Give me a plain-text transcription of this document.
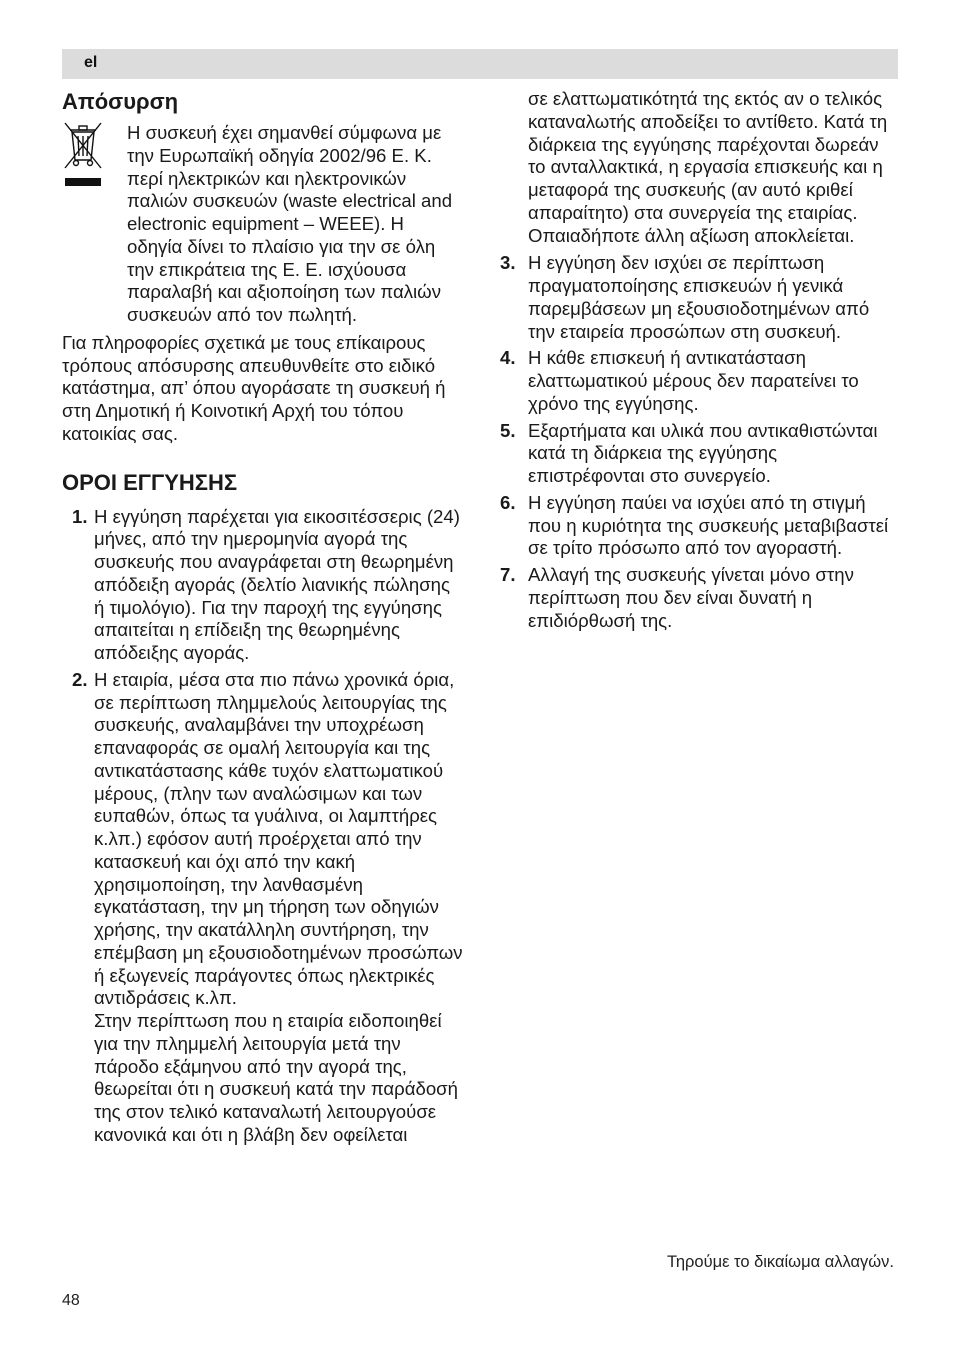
el
Απόσυρση

Η συσκευή έχει σημανθεί σύμφωνα με την Ευρωπαϊκή οδηγία 2002/96 Ε. Κ. περί ηλεκτρικών και ηλεκτρονικών παλιών συσκευών (waste electrical and electronic equipment – WEEE). Η οδηγία δίνει το πλαίσιο για την σε όλη την επικράτεια της Ε. Ε. ισχύουσα παραλαβή και αξιοποίηση των παλιών συσκευών από τον πωλητή.

Για πληροφορίες σχετικά με τους επίκαιρους τρόπους απόσυρσης απευθυνθείτε στο ειδικό κατάστημα, απ’ όπου αγοράσατε τη συσκευή ή στη Δημοτική ή Κοινοτική Αρχή του τόπου κατοικίας σας.

ΟΡΟΙ ΕΓΓΥΗΣΗΣ
1. Η εγγύηση παρέχεται για εικοσιτέσσερις (24) μήνες, από την ημερομηνία αγορά της συσκευής που αναγράφεται στη θεωρημένη απόδειξη αγοράς (δελτίο λιανικής πώλησης ή τιμολόγιο). Για την παροχή της εγγύησης απαιτείται η επίδειξη της θεωρημένης απόδειξης αγοράς.

2. Η εταιρία, μέσα στα πιο πάνω χρονικά όρια, σε περίπτωση πλημμελούς λειτουργίας της συσκευής, αναλαμβάνει την υποχρέωση επαναφοράς σε ομαλή λειτουργία και της αντικατάστασης κάθε τυχόν ελαττωματικού μέρους, (πλην των αναλώσιμων και των ευπαθών, όπως τα γυάλινα, οι λαμπτήρες κ.λπ.) εφόσον αυτή προέρχεται από την κατασκευή και όχι από την κακή χρησιμοποίηση, την λανθασμένη εγκατάσταση, την μη τήρηση των οδηγιών χρήσης, την ακατάλληλη συντήρηση, την επέμβαση μη εξουσιοδοτημένων προσώπων ή εξωγενείς παράγοντες όπως ηλεκτρικές αντιδράσεις κ.λπ.

Στην περίπτωση που η εταιρία ειδοποιηθεί για την πλημμελή λειτουργία μετά την πάροδο εξάμηνου από την αγορά της, θεωρείται ότι η συσκευή κατά την παράδοσή της στον τελικό καταναλωτή λειτουργούσε κανονικά και ότι η βλάβη δεν οφείλεται

σε ελαττωματικότητά της εκτός αν ο τελικός καταναλωτής αποδείξει το αντίθετο. Κατά τη διάρκεια της εγγύησης παρέχονται δωρεάν το ανταλλακτικά, η εργασία επισκευής και η μεταφορά της συσκευής (αν αυτό κριθεί απαραίτητο) στα συνεργεία της εταιρίας. Οπαιαδήποτε άλλη αξίωση αποκλείεται.

3. Η εγγύηση δεν ισχύει σε περίπτωση πραγματοποίησης επισκευών ή γενικά παρεμβάσεων μη εξουσιοδοτημένων από την εταιρεία προσώπων στη συσκευή.

4. Η κάθε επισκευή ή αντικατάσταση ελαττωματικού μέρους δεν παρατείνει το χρόνο της εγγύησης.

5. Εξαρτήματα και υλικά που αντικαθιστώνται κατά τη διάρκεια της εγγύησης επιστρέφονται στο συνεργείο.

6. Η εγγύηση παύει να ισχύει από τη στιγμή που η κυριότητα της συσκευής μεταβιβαστεί σε τρίτο πρόσωπο από τον αγοραστή.

7. Αλλαγή της συσκευής γίνεται μόνο στην περίπτωση που δεν είναι δυνατή η επιδιόρθωσή της.

Τηρούμε το δικαίωμα αλλαγών.
48
